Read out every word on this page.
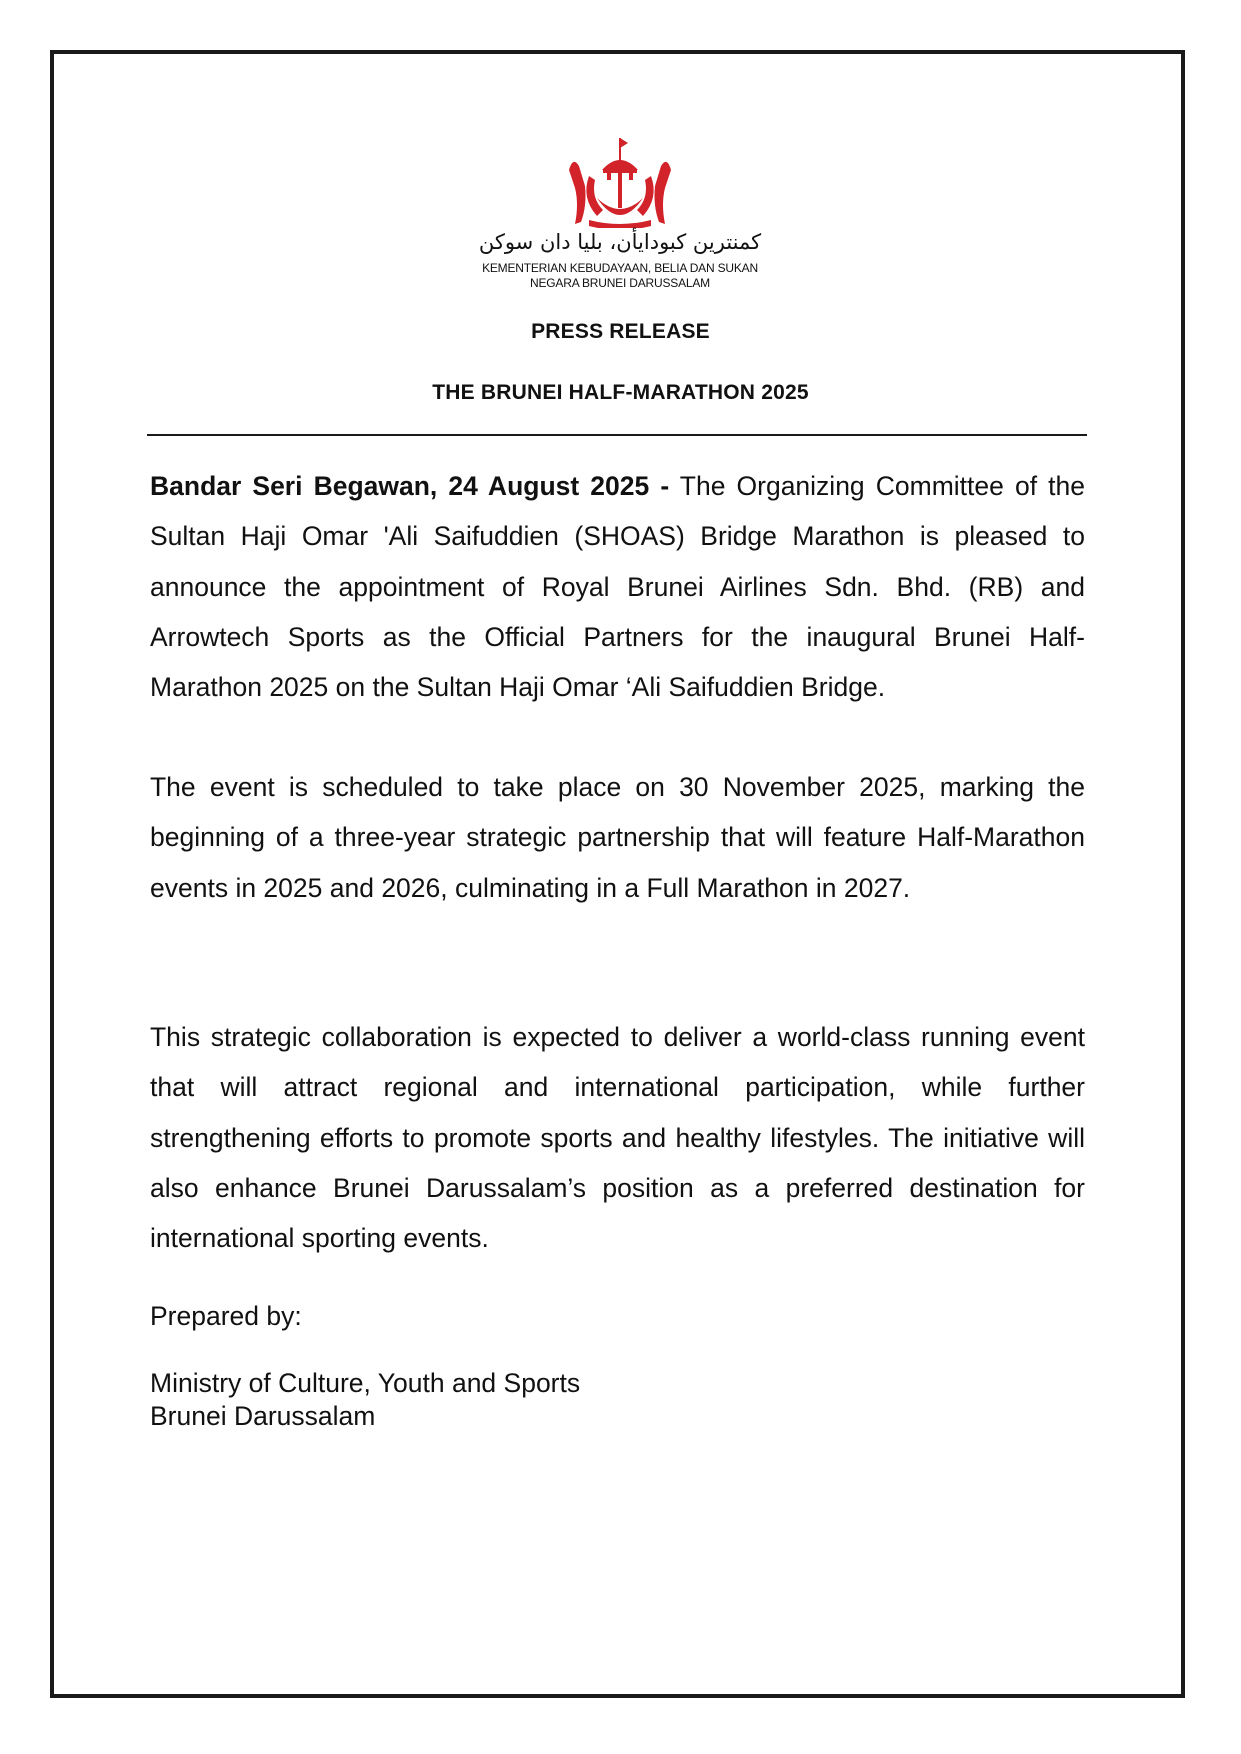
كمنترين كبودايأن، بليا دان سوكن
KEMENTERIAN KEBUDAYAAN, BELIA DAN SUKAN
NEGARA BRUNEI DARUSSALAM
PRESS RELEASE
THE BRUNEI HALF-MARATHON 2025

Bandar Seri Begawan, 24 August 2025 - The Organizing Committee of the Sultan Haji Omar 'Ali Saifuddien (SHOAS) Bridge Marathon is pleased to announce the appointment of Royal Brunei Airlines Sdn. Bhd. (RB) and Arrowtech Sports as the Official Partners for the inaugural Brunei Half-Marathon 2025 on the Sultan Haji Omar ‘Ali Saifuddien Bridge.

The event is scheduled to take place on 30 November 2025, marking the beginning of a three-year strategic partnership that will feature Half-Marathon events in 2025 and 2026, culminating in a Full Marathon in 2027.

This strategic collaboration is expected to deliver a world-class running event that will attract regional and international participation, while further strengthening efforts to promote sports and healthy lifestyles. The initiative will also enhance Brunei Darussalam’s position as a preferred destination for international sporting events.

Prepared by:
Ministry of Culture, Youth and Sports
Brunei Darussalam
